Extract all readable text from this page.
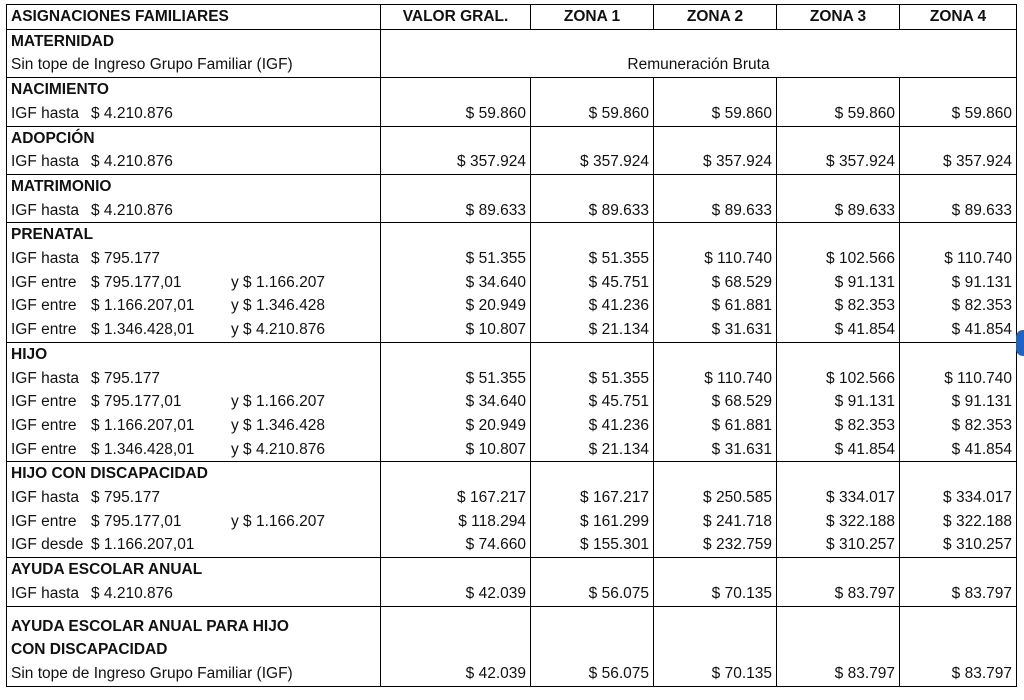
ASIGNACIONES FAMILIARES	VALOR GRAL.	ZONA 1	ZONA 2	ZONA 3	ZONA 4
MATERNIDAD	Remuneración Bruta				
Sin tope de Ingreso Grupo Familiar (IGF)					
NACIMIENTO					
IGF hasta $ 4.210.876	$ 59.860	$ 59.860	$ 59.860	$ 59.860	$ 59.860
ADOPCIÓN					
IGF hasta $ 4.210.876	$ 357.924	$ 357.924	$ 357.924	$ 357.924	$ 357.924
MATRIMONIO					
IGF hasta $ 4.210.876	$ 89.633	$ 89.633	$ 89.633	$ 89.633	$ 89.633
PRENATAL					
IGF hasta $ 795.177	$ 51.355	$ 51.355	$ 110.740	$ 102.566	$ 110.740
IGF entre $ 795.177,01 y $ 1.166.207	$ 34.640	$ 45.751	$ 68.529	$ 91.131	$ 91.131
IGF entre $ 1.166.207,01 y $ 1.346.428	$ 20.949	$ 41.236	$ 61.881	$ 82.353	$ 82.353
IGF entre $ 1.346.428,01 y $ 4.210.876	$ 10.807	$ 21.134	$ 31.631	$ 41.854	$ 41.854
HIJO					
IGF hasta $ 795.177	$ 51.355	$ 51.355	$ 110.740	$ 102.566	$ 110.740
IGF entre $ 795.177,01 y $ 1.166.207	$ 34.640	$ 45.751	$ 68.529	$ 91.131	$ 91.131
IGF entre $ 1.166.207,01 y $ 1.346.428	$ 20.949	$ 41.236	$ 61.881	$ 82.353	$ 82.353
IGF entre $ 1.346.428,01 y $ 4.210.876	$ 10.807	$ 21.134	$ 31.631	$ 41.854	$ 41.854
HIJO CON DISCAPACIDAD					
IGF hasta $ 795.177	$ 167.217	$ 167.217	$ 250.585	$ 334.017	$ 334.017
IGF entre $ 795.177,01 y $ 1.166.207	$ 118.294	$ 161.299	$ 241.718	$ 322.188	$ 322.188
IGF desde $ 1.166.207,01	$ 74.660	$ 155.301	$ 232.759	$ 310.257	$ 310.257
AYUDA ESCOLAR ANUAL					
IGF hasta $ 4.210.876	$ 42.039	$ 56.075	$ 70.135	$ 83.797	$ 83.797
AYUDA ESCOLAR ANUAL PARA HIJO					
CON DISCAPACIDAD					
Sin tope de Ingreso Grupo Familiar (IGF)	$ 42.039	$ 56.075	$ 70.135	$ 83.797	$ 83.797
